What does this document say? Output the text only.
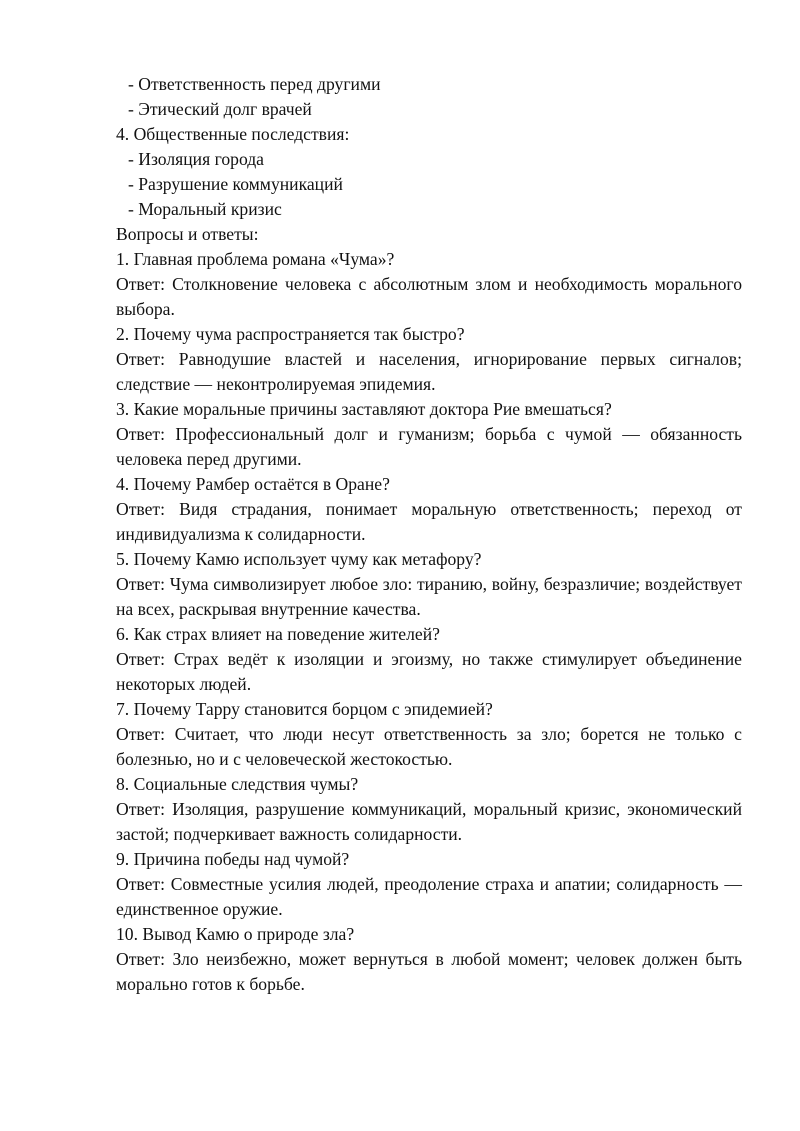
- Ответственность перед другими
- Этический долг врачей
4. Общественные последствия:
- Изоляция города
- Разрушение коммуникаций
- Моральный кризис
Вопросы и ответы:
1. Главная проблема романа «Чума»?
Ответ: Столкновение человека с абсолютным злом и необходимость морального выбора.
2. Почему чума распространяется так быстро?
Ответ: Равнодушие властей и населения, игнорирование первых сигналов; следствие — неконтролируемая эпидемия.
3. Какие моральные причины заставляют доктора Рие вмешаться?
Ответ: Профессиональный долг и гуманизм; борьба с чумой — обязанность человека перед другими.
4. Почему Рамбер остаётся в Оране?
Ответ: Видя страдания, понимает моральную ответственность; переход от индивидуализма к солидарности.
5. Почему Камю использует чуму как метафору?
Ответ: Чума символизирует любое зло: тиранию, войну, безразличие; воздействует на всех, раскрывая внутренние качества.
6. Как страх влияет на поведение жителей?
Ответ: Страх ведёт к изоляции и эгоизму, но также стимулирует объединение некоторых людей.
7. Почему Тарру становится борцом с эпидемией?
Ответ: Считает, что люди несут ответственность за зло; борется не только с болезнью, но и с человеческой жестокостью.
8. Социальные следствия чумы?
Ответ: Изоляция, разрушение коммуникаций, моральный кризис, экономический застой; подчеркивает важность солидарности.
9. Причина победы над чумой?
Ответ: Совместные усилия людей, преодоление страха и апатии; солидарность — единственное оружие.
10. Вывод Камю о природе зла?
Ответ: Зло неизбежно, может вернуться в любой момент; человек должен быть морально готов к борьбе.
